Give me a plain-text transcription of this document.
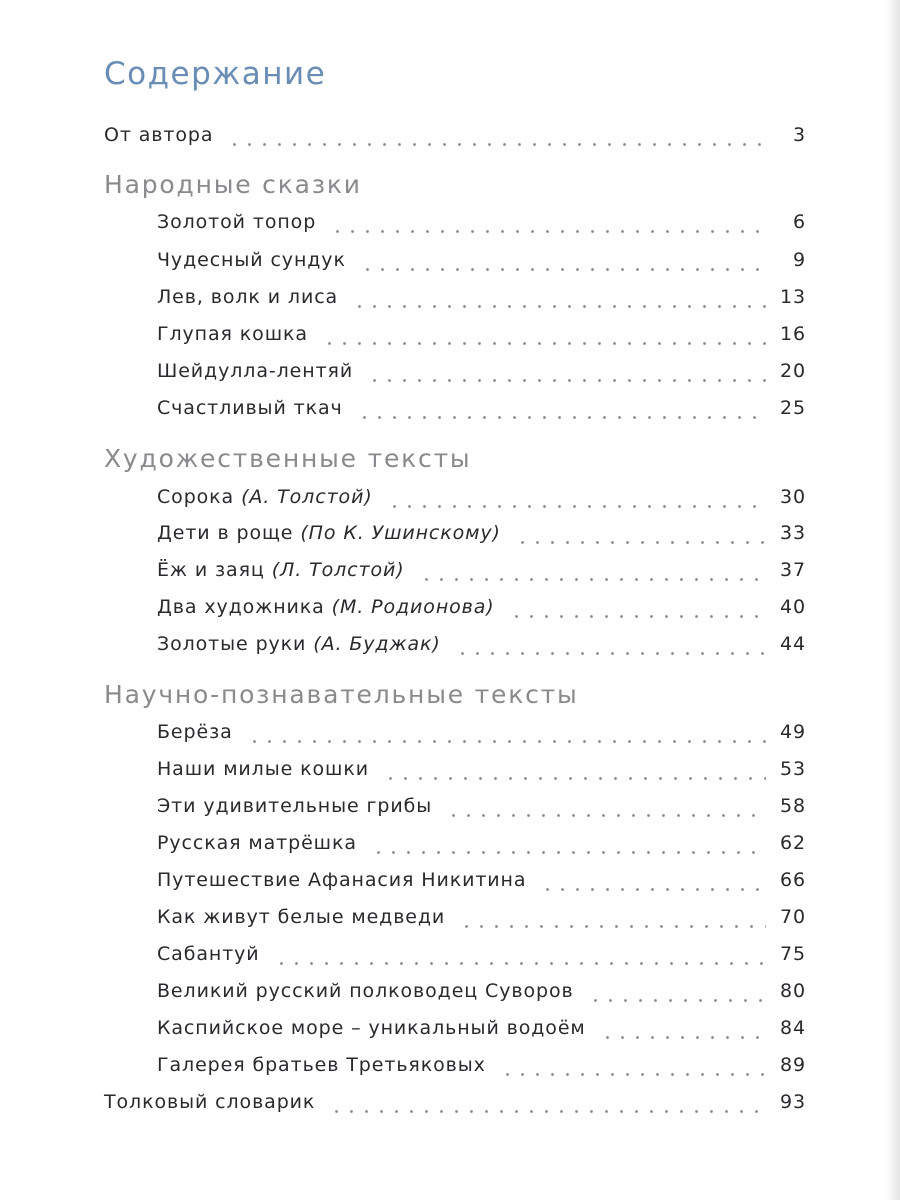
Содержание
От автора	3
Народные сказки
Золотой топор	6
Чудесный сундук	9
Лев, волк и лиса	13
Глупая кошка	16
Шейдулла-лентяй	20
Счастливый ткач	25
Художественные тексты
Сорока (А. Толстой)	30
Дети в роще (По К. Ушинскому)	33
Ёж и заяц (Л. Толстой)	37
Два художника (М. Родионова)	40
Золотые руки (А. Буджак)	44
Научно-познавательные тексты
Берёза	49
Наши милые кошки	53
Эти удивительные грибы	58
Русская матрёшка	62
Путешествие Афанасия Никитина	66
Как живут белые медведи	70
Сабантуй	75
Великий русский полководец Суворов	80
Каспийское море – уникальный водоём	84
Галерея братьев Третьяковых	89
Толковый словарик	93
